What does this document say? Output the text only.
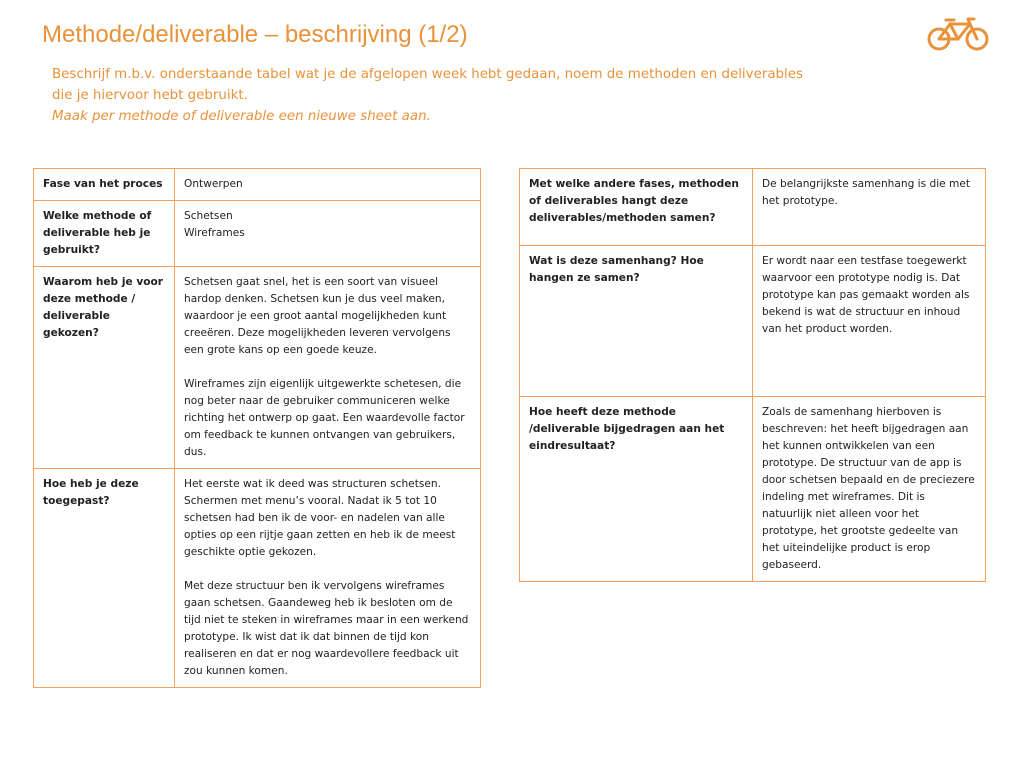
Methode/deliverable – beschrijving (1/2)
Beschrijf m.b.v. onderstaande tabel wat je de afgelopen week hebt gedaan, noem de methoden en deliverables die je hiervoor hebt gebruikt.
Maak per methode of deliverable een nieuwe sheet aan.
Fase van het proces	Ontwerpen

Welke methode of deliverable heb je gebruikt?	Schetsen
Wireframes

Waarom heb je voor deze methode / deliverable gekozen?	Schetsen gaat snel, het is een soort van visueel hardop denken. Schetsen kun je dus veel maken, waardoor je een groot aantal mogelijkheden kunt creeëren. Deze mogelijkheden leveren vervolgens een grote kans op een goede keuze.
Wireframes zijn eigenlijk uitgewerkte schetesen, die nog beter naar de gebruiker communiceren welke richting het ontwerp op gaat. Een waardevolle factor om feedback te kunnen ontvangen van gebruikers, dus.

Hoe heb je deze toegepast?	Het eerste wat ik deed was structuren schetsen. Schermen met menu’s vooral. Nadat ik 5 tot 10 schetsen had ben ik de voor- en nadelen van alle opties op een rijtje gaan zetten en heb ik de meest geschikte optie gekozen.
Met deze structuur ben ik vervolgens wireframes gaan schetsen. Gaandeweg heb ik besloten om de tijd niet te steken in wireframes maar in een werkend prototype. Ik wist dat ik dat binnen de tijd kon realiseren en dat er nog waardevollere feedback uit zou kunnen komen.
Met welke andere fases, methoden of deliverables hangt deze deliverables/methoden samen?	De belangrijkste samenhang is die met het prototype.

Wat is deze samenhang? Hoe hangen ze samen?	Er wordt naar een testfase toegewerkt waarvoor een prototype nodig is. Dat prototype kan pas gemaakt worden als bekend is wat de structuur en inhoud van het product worden.

Hoe heeft deze methode /deliverable bijgedragen aan het eindresultaat?	Zoals de samenhang hierboven is beschreven: het heeft bijgedragen aan het kunnen ontwikkelen van een prototype. De structuur van de app is door schetsen bepaald en de preciezere indeling met wireframes. Dit is natuurlijk niet alleen voor het prototype, het grootste gedeelte van het uiteindelijke product is erop gebaseerd.
